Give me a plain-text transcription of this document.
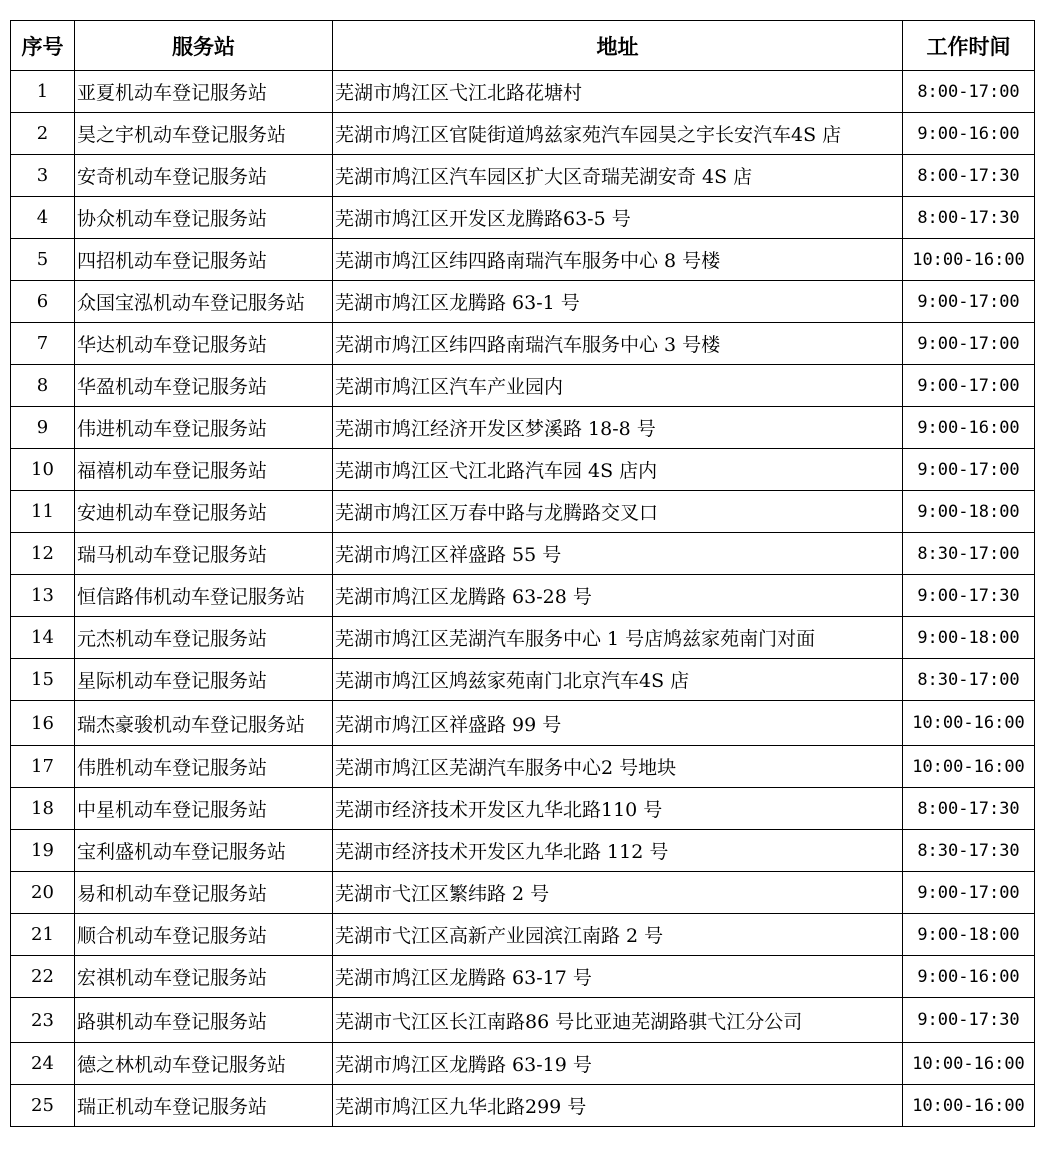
序号	服务站	地址	工作时间
1	亚夏机动车登记服务站	芜湖市鸠江区弋江北路花塘村	8:00-17:00
2	昊之宇机动车登记服务站	芜湖市鸠江区官陡街道鸠兹家苑汽车园昊之宇长安汽车4S 店	9:00-16:00
3	安奇机动车登记服务站	芜湖市鸠江区汽车园区扩大区奇瑞芜湖安奇 4S 店	8:00-17:30
4	协众机动车登记服务站	芜湖市鸠江区开发区龙腾路63-5 号	8:00-17:30
5	四招机动车登记服务站	芜湖市鸠江区纬四路南瑞汽车服务中心 8 号楼	10:00-16:00
6	众国宝泓机动车登记服务站	芜湖市鸠江区龙腾路 63-1 号	9:00-17:00
7	华达机动车登记服务站	芜湖市鸠江区纬四路南瑞汽车服务中心 3 号楼	9:00-17:00
8	华盈机动车登记服务站	芜湖市鸠江区汽车产业园内	9:00-17:00
9	伟进机动车登记服务站	芜湖市鸠江经济开发区梦溪路 18-8 号	9:00-16:00
10	福禧机动车登记服务站	芜湖市鸠江区弋江北路汽车园 4S 店内	9:00-17:00
11	安迪机动车登记服务站	芜湖市鸠江区万春中路与龙腾路交叉口	9:00-18:00
12	瑞马机动车登记服务站	芜湖市鸠江区祥盛路 55 号	8:30-17:00
13	恒信路伟机动车登记服务站	芜湖市鸠江区龙腾路 63-28 号	9:00-17:30
14	元杰机动车登记服务站	芜湖市鸠江区芜湖汽车服务中心 1 号店鸠兹家苑南门对面	9:00-18:00
15	星际机动车登记服务站	芜湖市鸠江区鸠兹家苑南门北京汽车4S 店	8:30-17:00
16	瑞杰豪骏机动车登记服务站	芜湖市鸠江区祥盛路 99 号	10:00-16:00
17	伟胜机动车登记服务站	芜湖市鸠江区芜湖汽车服务中心2 号地块	10:00-16:00
18	中星机动车登记服务站	芜湖市经济技术开发区九华北路110 号	8:00-17:30
19	宝利盛机动车登记服务站	芜湖市经济技术开发区九华北路 112 号	8:30-17:30
20	易和机动车登记服务站	芜湖市弋江区繁纬路 2 号	9:00-17:00
21	顺合机动车登记服务站	芜湖市弋江区高新产业园滨江南路 2 号	9:00-18:00
22	宏祺机动车登记服务站	芜湖市鸠江区龙腾路 63-17 号	9:00-16:00
23	路骐机动车登记服务站	芜湖市弋江区长江南路86 号比亚迪芜湖路骐弋江分公司	9:00-17:30
24	德之林机动车登记服务站	芜湖市鸠江区龙腾路 63-19 号	10:00-16:00
25	瑞正机动车登记服务站	芜湖市鸠江区九华北路299 号	10:00-16:00
